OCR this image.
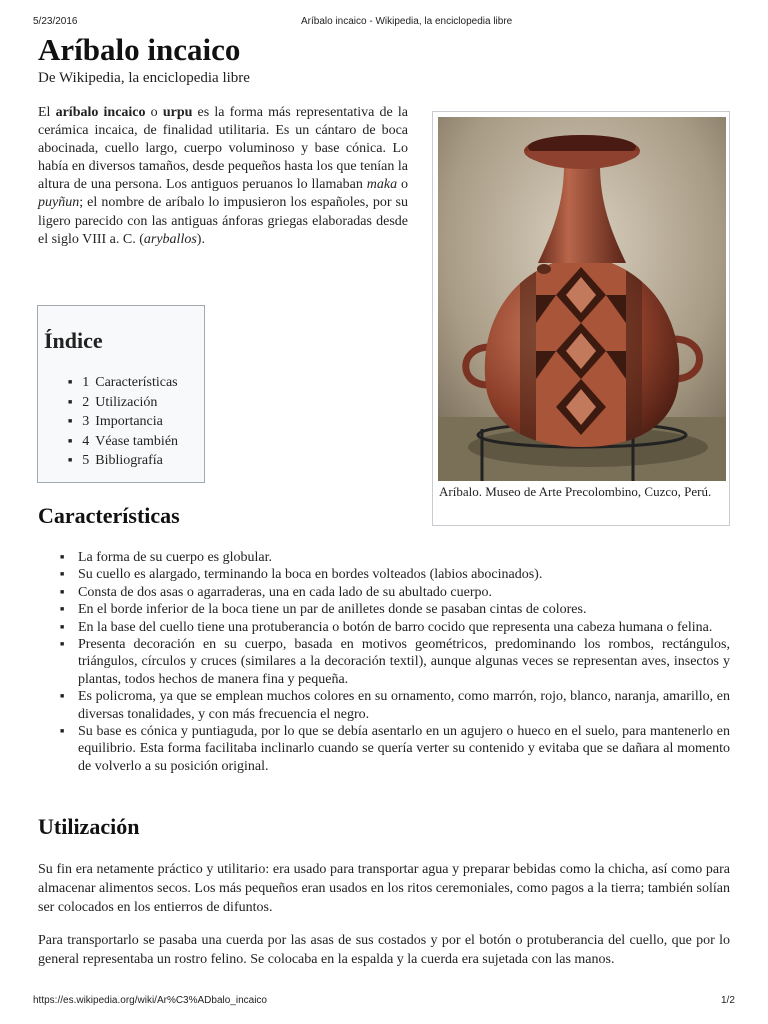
5/23/2016	Aríbalo incaico - Wikipedia, la enciclopedia libre
Aríbalo incaico
De Wikipedia, la enciclopedia libre

El aríbalo incaico o urpu es la forma más representativa de la cerámica incaica, de finalidad utilitaria. Es un cántaro de boca abocinada, cuello largo, cuerpo voluminoso y base cónica. Lo había en diversos tamaños, desde pequeños hasta los que tenían la altura de una persona. Los antiguos peruanos lo llamaban maka o puyñun; el nombre de aríbalo lo impusieron los españoles, por su ligero parecido con las antiguas ánforas griegas elaboradas desde el siglo VIII a. C. (aryballos).

Aríbalo. Museo de Arte Precolombino, Cuzco, Perú.
Índice
■ 1 Características
■ 2 Utilización
■ 3 Importancia
■ 4 Véase también
■ 5 Bibliografía
Características
■ La forma de su cuerpo es globular.
■ Su cuello es alargado, terminando la boca en bordes volteados (labios abocinados).
■ Consta de dos asas o agarraderas, una en cada lado de su abultado cuerpo.
■ En el borde inferior de la boca tiene un par de anilletes donde se pasaban cintas de colores.
■ En la base del cuello tiene una protuberancia o botón de barro cocido que representa una cabeza humana o felina.
■ Presenta decoración en su cuerpo, basada en motivos geométricos, predominando los rombos, rectángulos, triángulos, círculos y cruces (similares a la decoración textil), aunque algunas veces se representan aves, insectos y plantas, todos hechos de manera fina y pequeña.
■ Es policroma, ya que se emplean muchos colores en su ornamento, como marrón, rojo, blanco, naranja, amarillo, en diversas tonalidades, y con más frecuencia el negro.
■ Su base es cónica y puntiaguda, por lo que se debía asentarlo en un agujero o hueco en el suelo, para mantenerlo en equilibrio. Esta forma facilitaba inclinarlo cuando se quería verter su contenido y evitaba que se dañara al momento de volverlo a su posición original.
Utilización

Su fin era netamente práctico y utilitario: era usado para transportar agua y preparar bebidas como la chicha, así como para almacenar alimentos secos. Los más pequeños eran usados en los ritos ceremoniales, como pagos a la tierra; también solían ser colocados en los entierros de difuntos.

Para transportarlo se pasaba una cuerda por las asas de sus costados y por el botón o protuberancia del cuello, que por lo general representaba un rostro felino. Se colocaba en la espalda y la cuerda era sujetada con las manos.

https://es.wikipedia.org/wiki/Ar%C3%ADbalo_incaico	1/2
